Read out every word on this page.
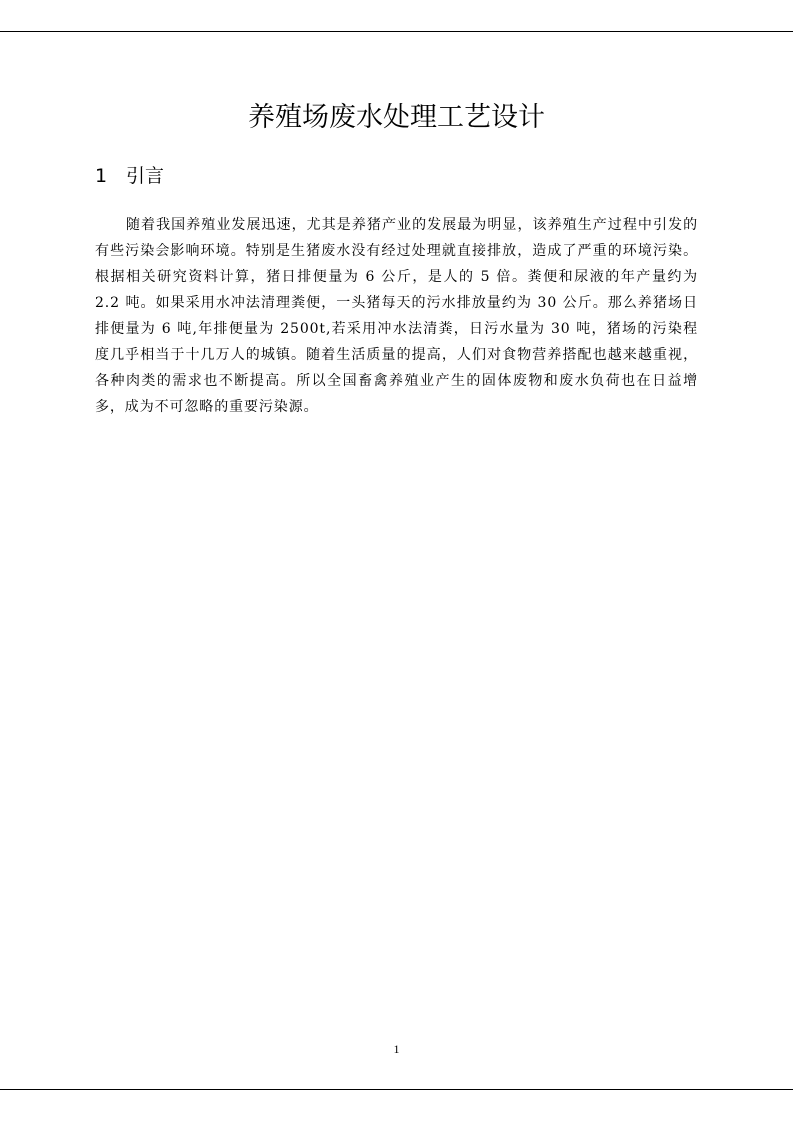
养殖场废水处理工艺设计
1 引言

随着我国养殖业发展迅速，尤其是养猪产业的发展最为明显，该养殖生产过程中引发的有些污染会影响环境。特别是生猪废水没有经过处理就直接排放，造成了严重的环境污染。根据相关研究资料计算，猪日排便量为 6 公斤，是人的 5 倍。粪便和尿液的年产量约为 2.2 吨。如果采用水冲法清理粪便，一头猪每天的污水排放量约为 30 公斤。那么养猪场日排便量为 6 吨,年排便量为 2500t,若采用冲水法清粪，日污水量为 30 吨，猪场的污染程度几乎相当于十几万人的城镇。随着生活质量的提高，人们对食物营养搭配也越来越重视，各种肉类的需求也不断提高。所以全国畜禽养殖业产生的固体废物和废水负荷也在日益增多，成为不可忽略的重要污染源。

1
